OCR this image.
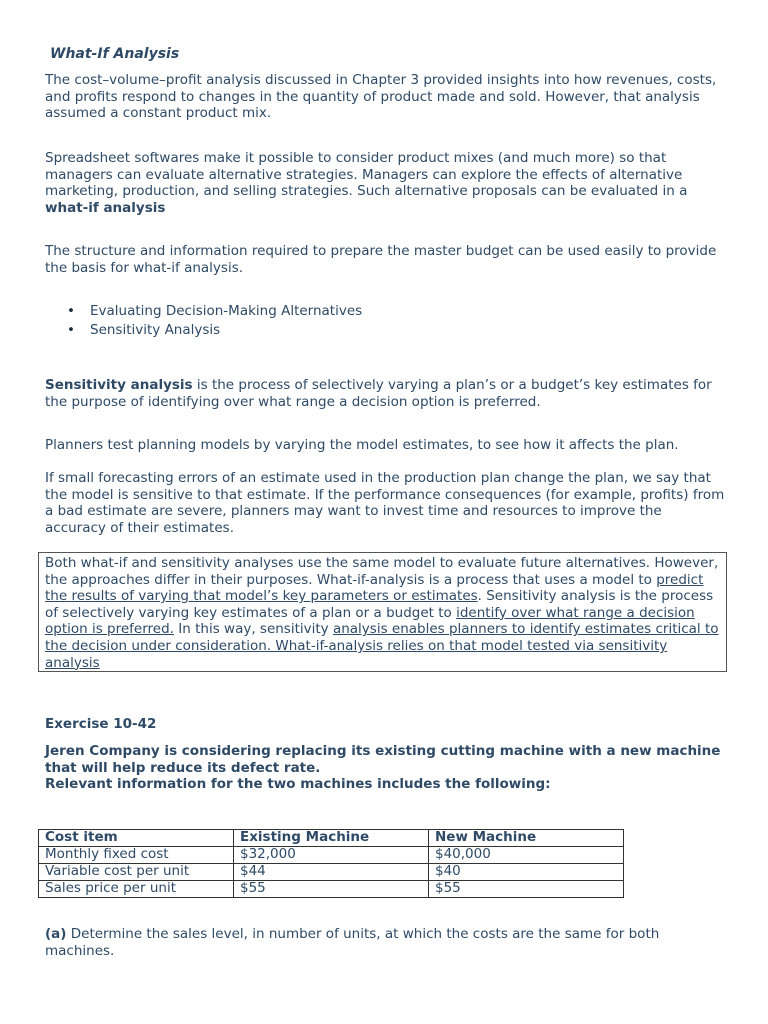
What-If Analysis

The cost–volume–profit analysis discussed in Chapter 3 provided insights into how revenues, costs, and profits respond to changes in the quantity of product made and sold. However, that analysis assumed a constant product mix.

Spreadsheet softwares make it possible to consider product mixes (and much more) so that managers can evaluate alternative strategies. Managers can explore the effects of alternative marketing, production, and selling strategies. Such alternative proposals can be evaluated in a what-if analysis

The structure and information required to prepare the master budget can be used easily to provide the basis for what-if analysis.

• Evaluating Decision-Making Alternatives
• Sensitivity Analysis

Sensitivity analysis is the process of selectively varying a plan’s or a budget’s key estimates for the purpose of identifying over what range a decision option is preferred.

Planners test planning models by varying the model estimates, to see how it affects the plan.

If small forecasting errors of an estimate used in the production plan change the plan, we say that the model is sensitive to that estimate. If the performance consequences (for example, profits) from a bad estimate are severe, planners may want to invest time and resources to improve the accuracy of their estimates.

Both what-if and sensitivity analyses use the same model to evaluate future alternatives. However, the approaches differ in their purposes. What-if-analysis is a process that uses a model to predict the results of varying that model’s key parameters or estimates. Sensitivity analysis is the process of selectively varying key estimates of a plan or a budget to identify over what range a decision option is preferred. In this way, sensitivity analysis enables planners to identify estimates critical to the decision under consideration. What-if-analysis relies on that model tested via sensitivity analysis

Exercise 10-42

Jeren Company is considering replacing its existing cutting machine with a new machine that will help reduce its defect rate.
Relevant information for the two machines includes the following:

Cost item	Existing Machine	New Machine
Monthly fixed cost	$32,000	$40,000
Variable cost per unit	$44	$40
Sales price per unit	$55	$55

(a) Determine the sales level, in number of units, at which the costs are the same for both machines.
